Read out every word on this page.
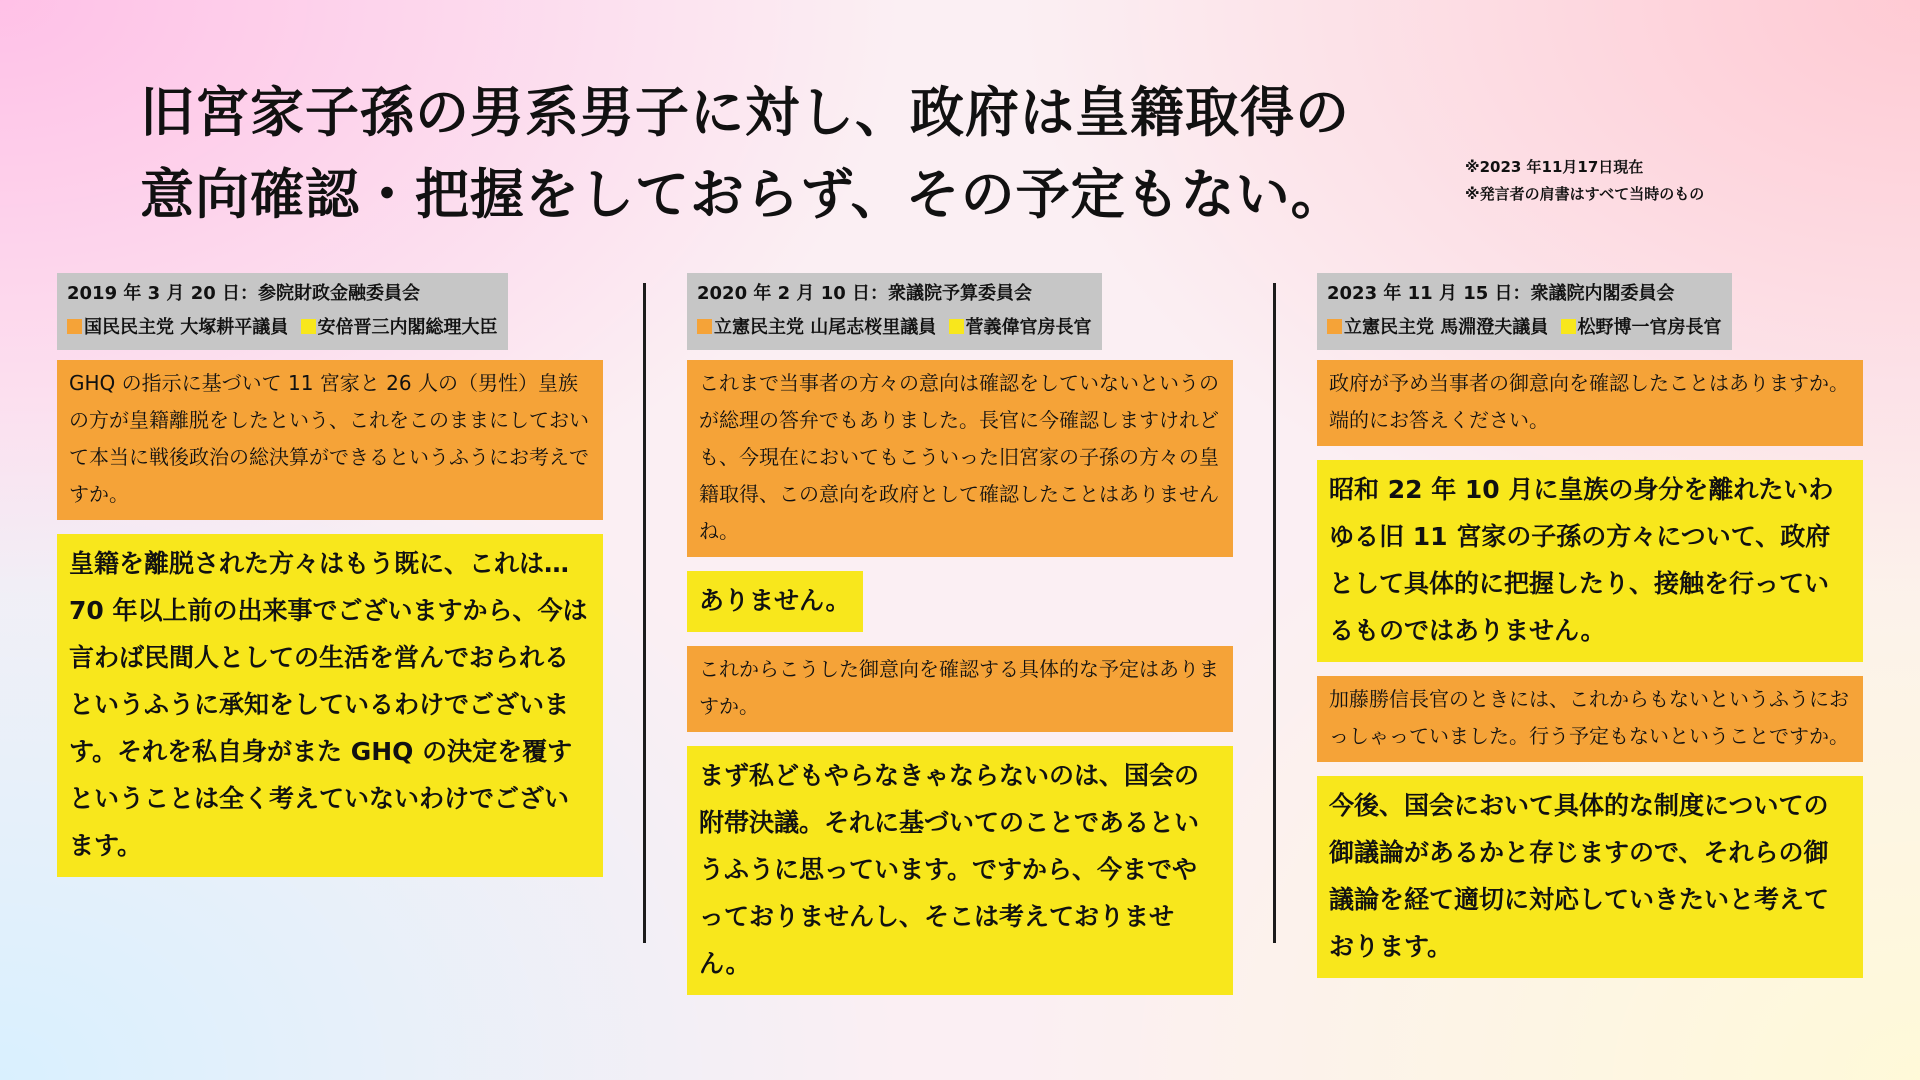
旧宮家子孫の男系男子に対し、政府は皇籍取得の
意向確認・把握をしておらず、その予定もない。	※2023 年11月17日現在
※発言者の肩書はすべて当時のもの
2019 年 3 月 20 日：参院財政金融委員会
国民民主党 大塚耕平議員 安倍晋三内閣総理大臣
GHQ の指示に基づいて 11 宮家と 26 人の（男性）皇族の方が皇籍離脱をしたという、これをこのままにしておいて本当に戦後政治の総決算ができるというふうにお考えですか。
皇籍を離脱された方々はもう既に、これは… 70 年以上前の出来事でございますから、今は言わば民間人としての生活を営んでおられるというふうに承知をしているわけでございます。それを私自身がまた GHQ の決定を覆すということは全く考えていないわけでございます。
2020 年 2 月 10 日：衆議院予算委員会
立憲民主党 山尾志桜里議員 菅義偉官房長官
これまで当事者の方々の意向は確認をしていないというのが総理の答弁でもありました。長官に今確認しますけれども、今現在においてもこういった旧宮家の子孫の方々の皇籍取得、この意向を政府として確認したことはありませんね。
ありません。
これからこうした御意向を確認する具体的な予定はありますか。
まず私どもやらなきゃならないのは、国会の附帯決議。それに基づいてのことであるというふうに思っています。ですから、今までやっておりませんし、そこは考えておりません。
2023 年 11 月 15 日：衆議院内閣委員会
立憲民主党 馬淵澄夫議員 松野博一官房長官
政府が予め当事者の御意向を確認したことはありますか。端的にお答えください。
昭和 22 年 10 月に皇族の身分を離れたいわゆる旧 11 宮家の子孫の方々について、政府として具体的に把握したり、接触を行っているものではありません。
加藤勝信長官のときには、これからもないというふうにおっしゃっていました。行う予定もないということですか。
今後、国会において具体的な制度についての御議論があるかと存じますので、それらの御議論を経て適切に対応していきたいと考えております。
